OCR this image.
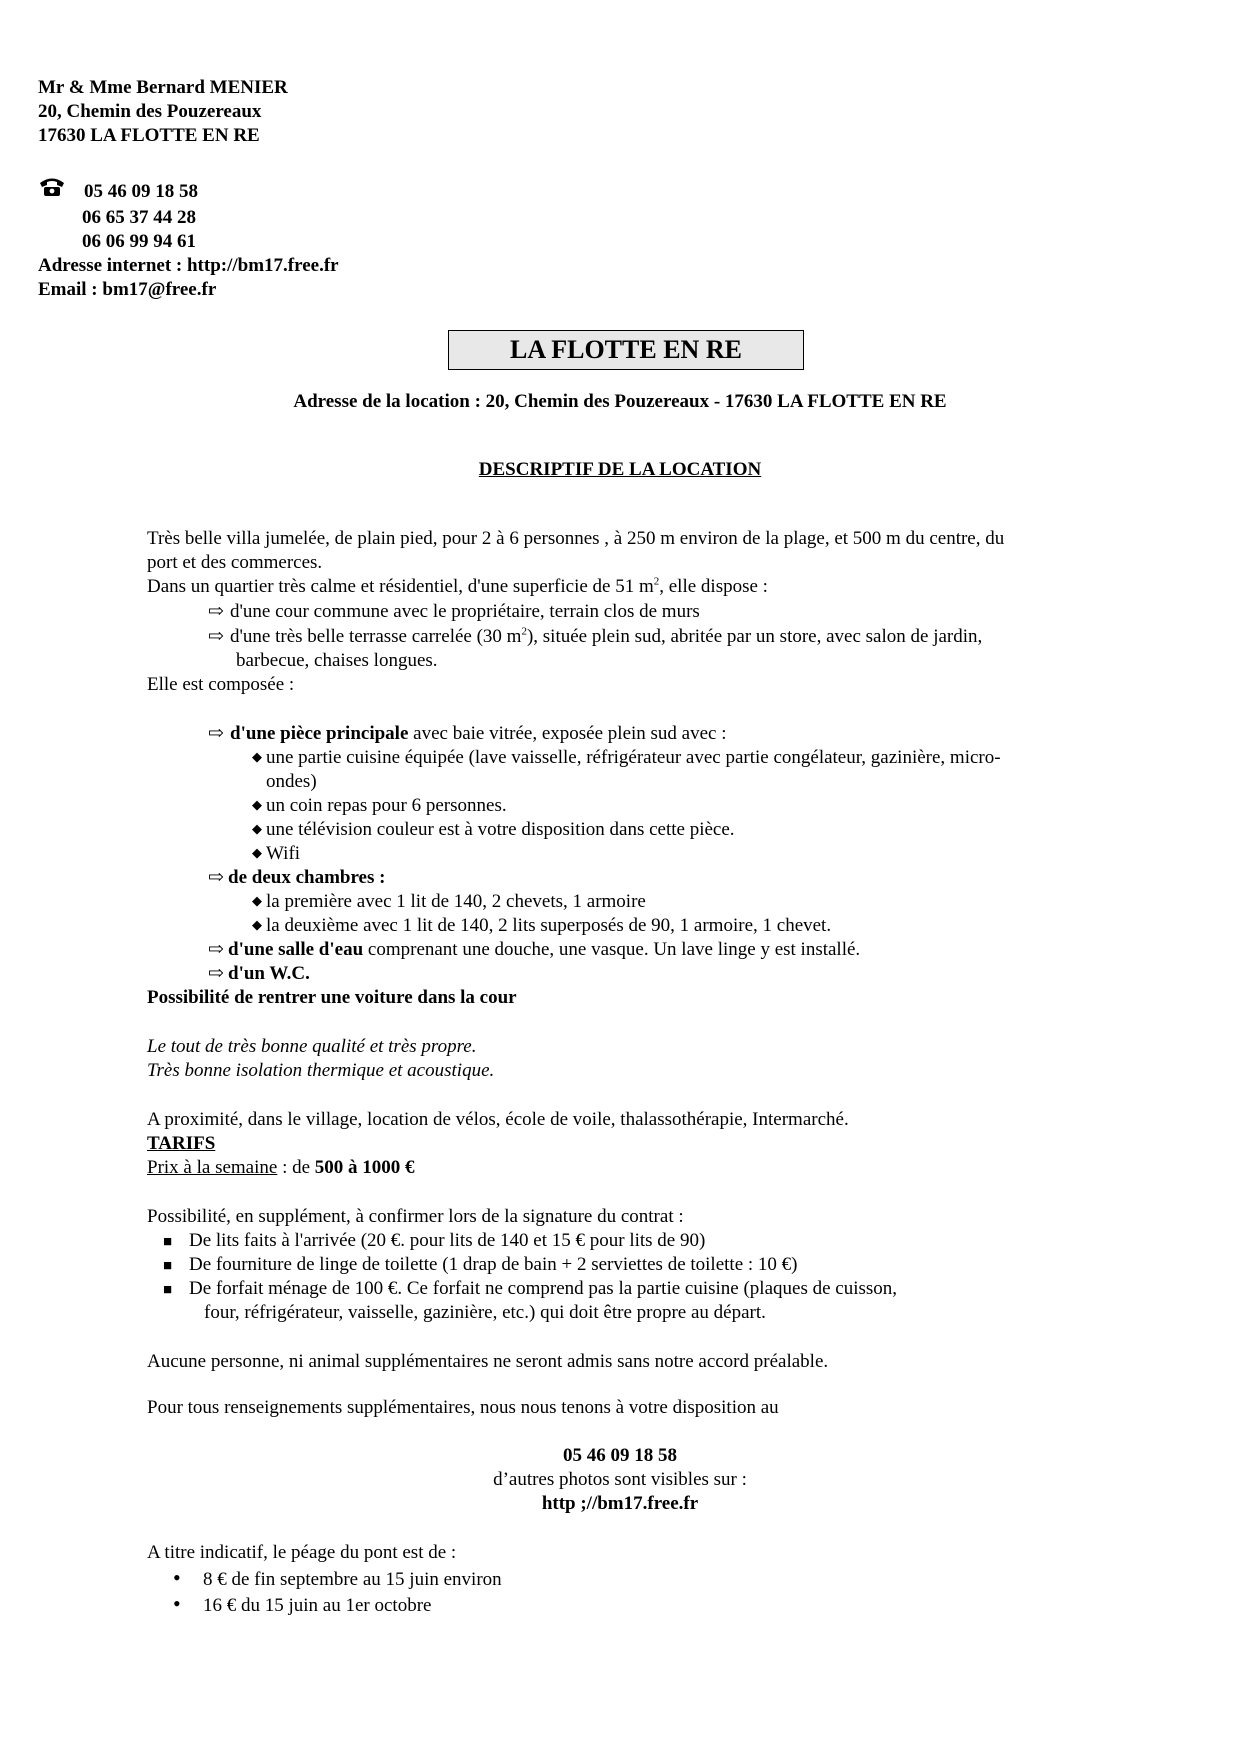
Mr & Mme Bernard MENIER
20, Chemin des Pouzereaux
17630 LA FLOTTE EN RE
05 46 09 18 58
06 65 37 44 28
06 06 99 94 61
Adresse internet : http://bm17.free.fr
Email : bm17@free.fr
LA FLOTTE EN RE
Adresse de la location : 20, Chemin des Pouzereaux - 17630 LA FLOTTE EN RE
DESCRIPTIF DE LA LOCATION
Très belle villa jumelée, de plain pied, pour 2 à 6 personnes , à 250 m environ de la plage, et 500 m du centre, du
port et des commerces.
Dans un quartier très calme et résidentiel, d'une superficie de 51 $m^2$, elle dispose :
⇨ d'une cour commune avec le propriétaire, terrain clos de murs
⇨ d'une très belle terrasse carrelée (30 $m^2$), située plein sud, abritée par un store, avec salon de jardin,
barbecue, chaises longues.
Elle est composée :
⇨ d'une pièce principale avec baie vitrée, exposée plein sud avec :
◆ une partie cuisine équipée (lave vaisselle, réfrigérateur avec partie congélateur, gazinière, micro-
ondes)
◆ un coin repas pour 6 personnes.
◆ une télévision couleur est à votre disposition dans cette pièce.
◆ Wifi
⇨ de deux chambres :
◆ la première avec 1 lit de 140, 2 chevets, 1 armoire
◆ la deuxième avec 1 lit de 140, 2 lits superposés de 90, 1 armoire, 1 chevet.
⇨ d'une salle d'eau comprenant une douche, une vasque. Un lave linge y est installé.
⇨ d'un W.C.
Possibilité de rentrer une voiture dans la cour
Le tout de très bonne qualité et très propre.
Très bonne isolation thermique et acoustique.
A proximité, dans le village, location de vélos, école de voile, thalassothérapie, Intermarché.
TARIFS
Prix à la semaine : de 500 à 1000 €
Possibilité, en supplément, à confirmer lors de la signature du contrat :
■ De lits faits à l'arrivée (20 €. pour lits de 140 et 15 € pour lits de 90)
■ De fourniture de linge de toilette (1 drap de bain + 2 serviettes de toilette : 10 €)
■ De forfait ménage de 100 €. Ce forfait ne comprend pas la partie cuisine (plaques de cuisson,
four, réfrigérateur, vaisselle, gazinière, etc.) qui doit être propre au départ.
Aucune personne, ni animal supplémentaires ne seront admis sans notre accord préalable.
Pour tous renseignements supplémentaires, nous nous tenons à votre disposition au
05 46 09 18 58
d’autres photos sont visibles sur :
http ;//bm17.free.fr
A titre indicatif, le péage du pont est de :
• 8 € de fin septembre au 15 juin environ
• 16 € du 15 juin au 1er octobre
